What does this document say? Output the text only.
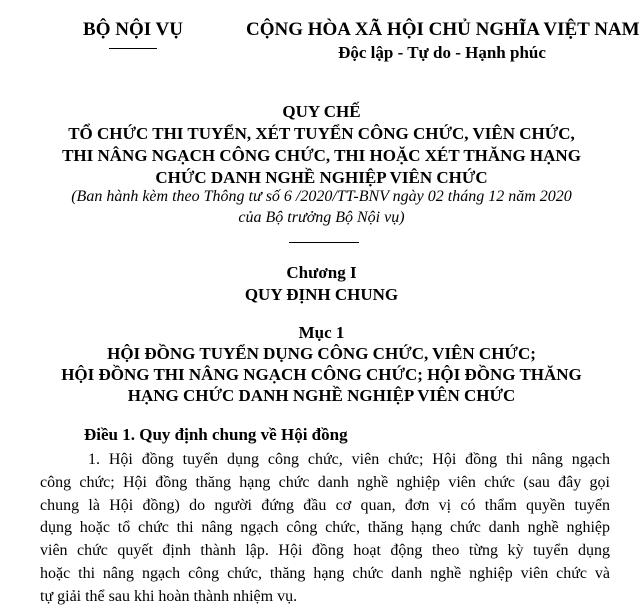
BỘ NỘI VỤ	CỘNG HÒA XÃ HỘI CHỦ NGHĨA VIỆT NAM
Độc lập - Tự do - Hạnh phúc
QUY CHẾ
TỔ CHỨC THI TUYỂN, XÉT TUYỂN CÔNG CHỨC, VIÊN CHỨC,
THI NÂNG NGẠCH CÔNG CHỨC, THI HOẶC XÉT THĂNG HẠNG
CHỨC DANH NGHỀ NGHIỆP VIÊN CHỨC
(Ban hành kèm theo Thông tư số 6 /2020/TT-BNV ngày 02 tháng 12 năm 2020
của Bộ trưởng Bộ Nội vụ)
Chương I
QUY ĐỊNH CHUNG
Mục 1
HỘI ĐỒNG TUYỂN DỤNG CÔNG CHỨC, VIÊN CHỨC;
HỘI ĐỒNG THI NÂNG NGẠCH CÔNG CHỨC; HỘI ĐỒNG THĂNG
HẠNG CHỨC DANH NGHỀ NGHIỆP VIÊN CHỨC
Điều 1. Quy định chung về Hội đồng
1. Hội đồng tuyển dụng công chức, viên chức; Hội đồng thi nâng ngạch
công chức; Hội đồng thăng hạng chức danh nghề nghiệp viên chức (sau đây gọi
chung là Hội đồng) do người đứng đầu cơ quan, đơn vị có thẩm quyền tuyển
dụng hoặc tổ chức thi nâng ngạch công chức, thăng hạng chức danh nghề nghiệp
viên chức quyết định thành lập. Hội đồng hoạt động theo từng kỳ tuyển dụng
hoặc thi nâng ngạch công chức, thăng hạng chức danh nghề nghiệp viên chức và
tự giải thể sau khi hoàn thành nhiệm vụ.
